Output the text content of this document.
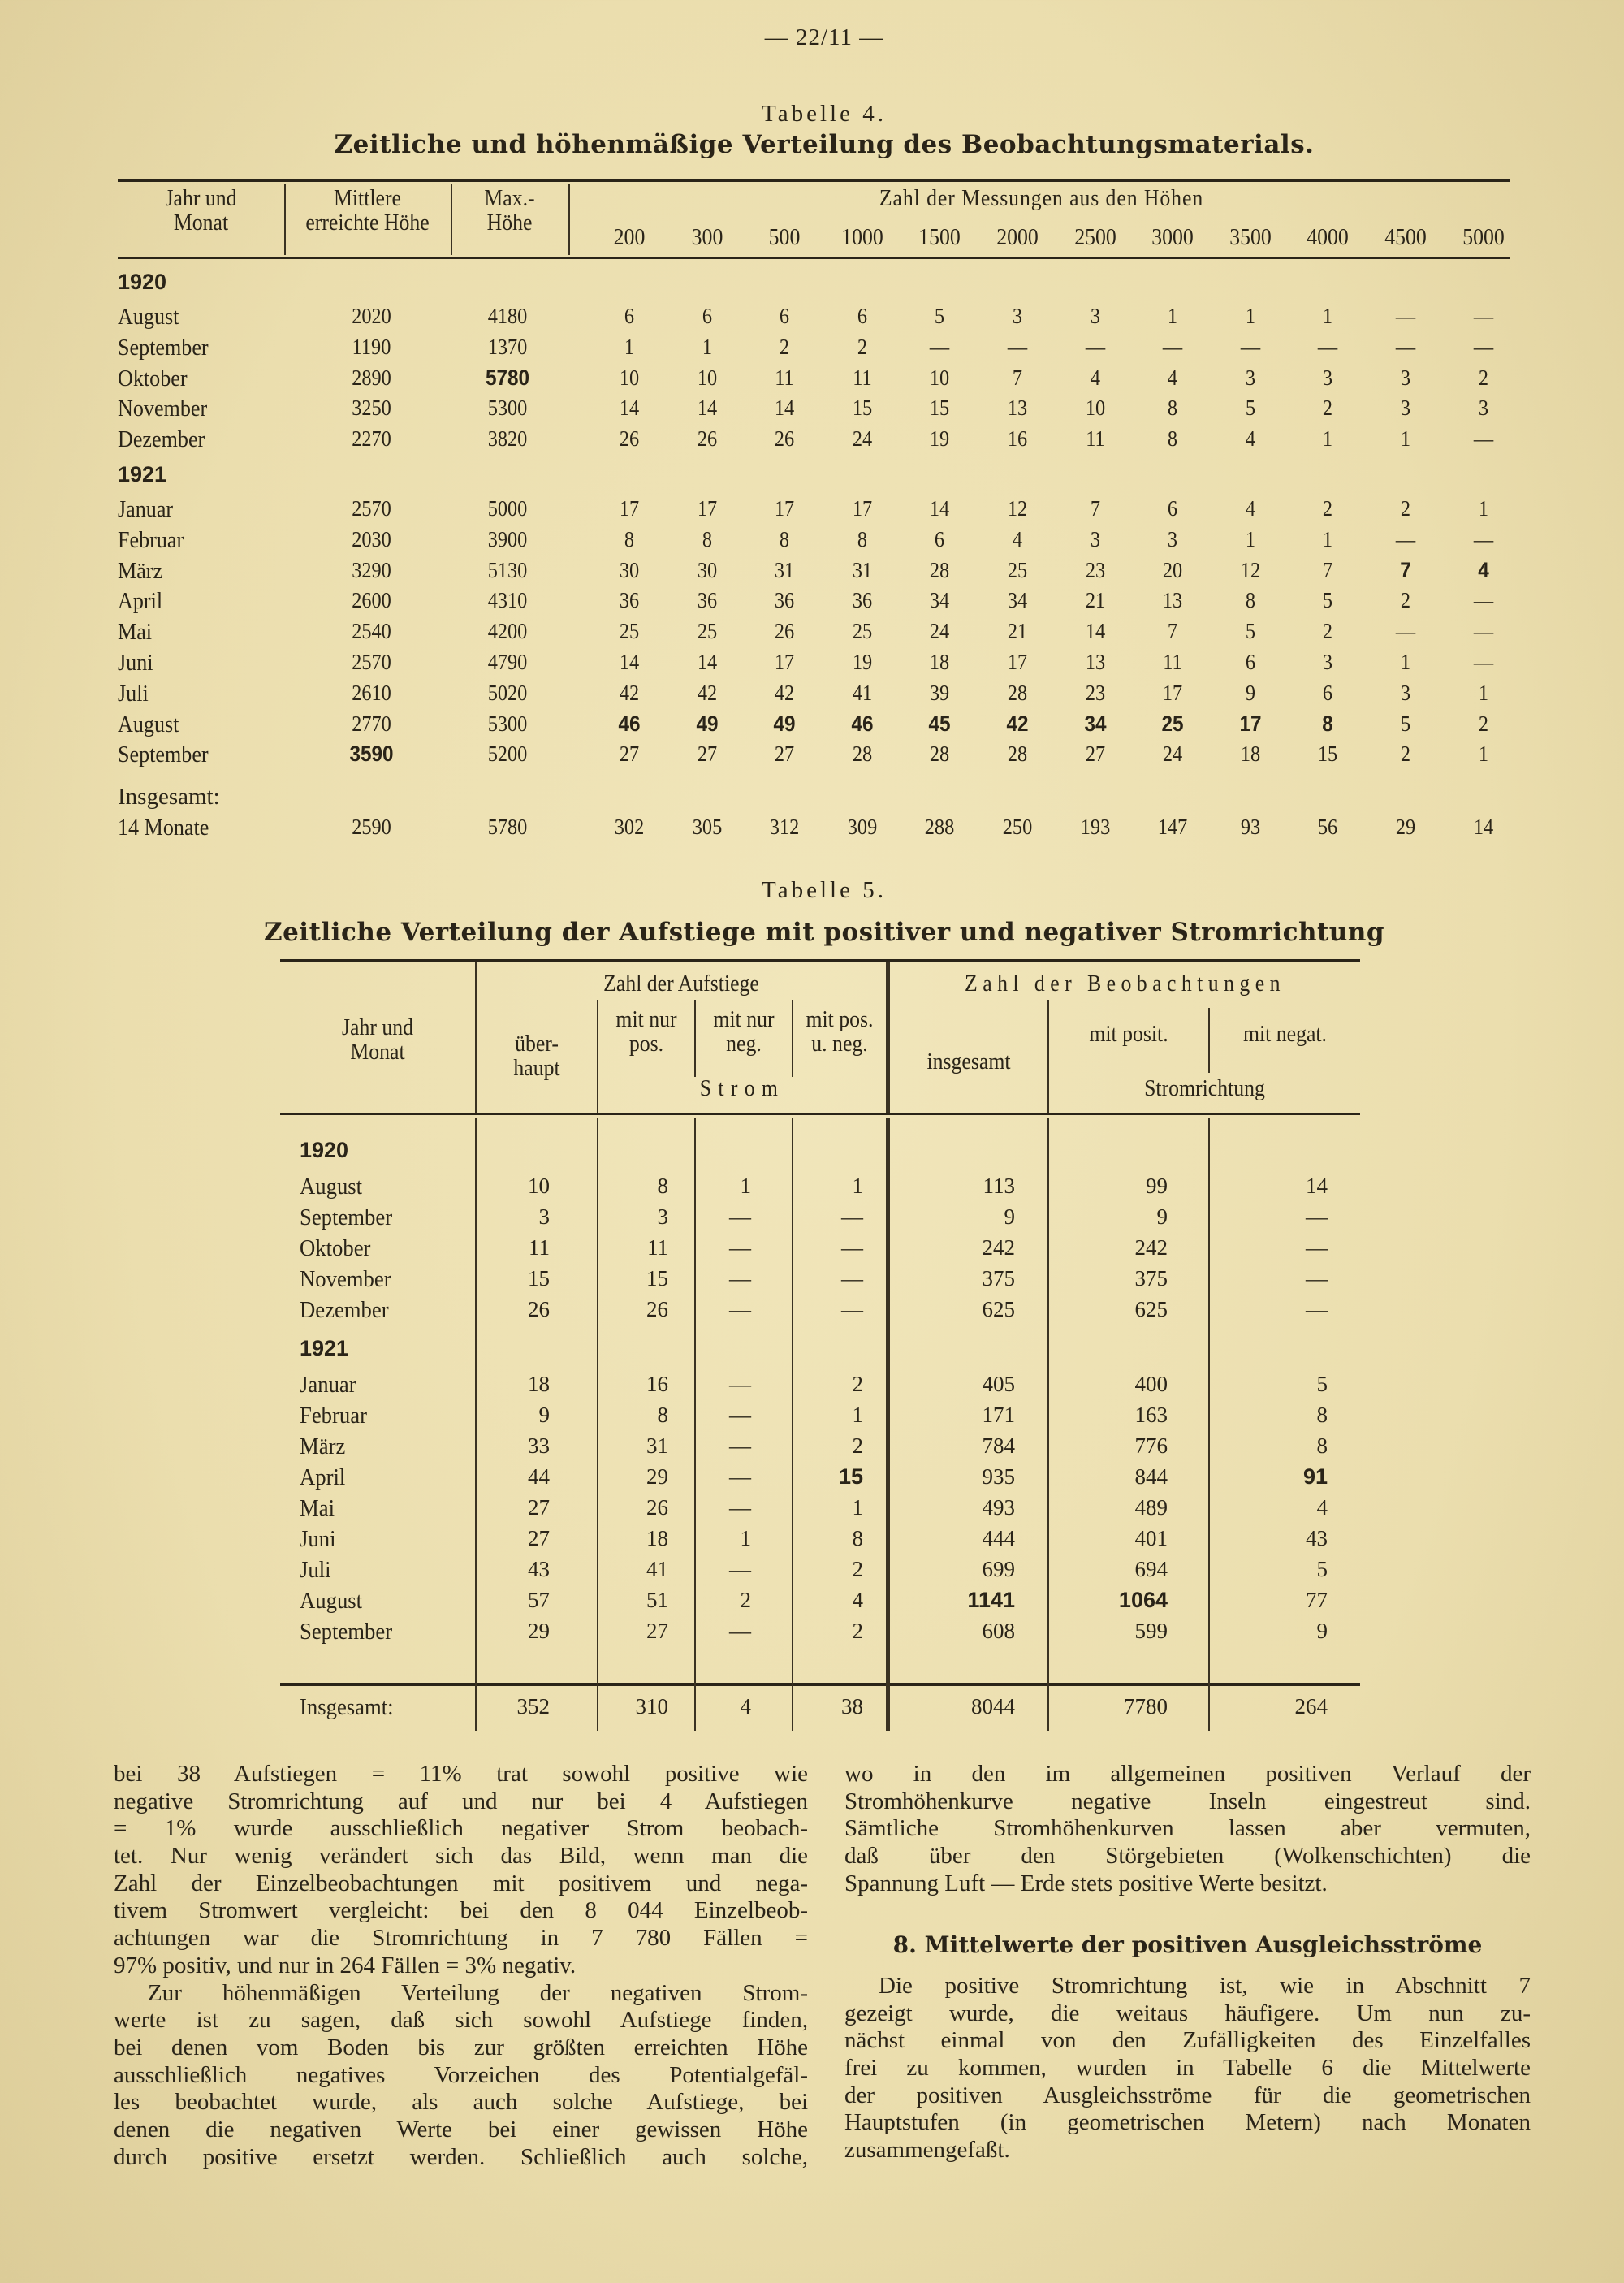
— 22/11 —
Tabelle 4.
Zeitliche und höhenmäßige Verteilung des Beobachtungsmaterials.
Jahr und
Monat
Mittlere
erreichte Höhe
Max.-
Höhe
Zahl der Messungen aus den Höhen
200	300	500	1000	1500	2000	2500	3000	3500	4000	4500	5000
1920
August	2020	4180	6	6	6	6	5	3	3	1	1	1	—	—
September	1190	1370	1	1	2	2	—	—	—	—	—	—	—	—
Oktober	2890	5780	10	10	11	11	10	7	4	4	3	3	3	2
November	3250	5300	14	14	14	15	15	13	10	8	5	2	3	3
Dezember	2270	3820	26	26	26	24	19	16	11	8	4	1	1	—
1921
Januar	2570	5000	17	17	17	17	14	12	7	6	4	2	2	1
Februar	2030	3900	8	8	8	8	6	4	3	3	1	1	—	—
März	3290	5130	30	30	31	31	28	25	23	20	12	7	7	4
April	2600	4310	36	36	36	36	34	34	21	13	8	5	2	—
Mai	2540	4200	25	25	26	25	24	21	14	7	5	2	—	—
Juni	2570	4790	14	14	17	19	18	17	13	11	6	3	1	—
Juli	2610	5020	42	42	42	41	39	28	23	17	9	6	3	1
August	2770	5300	46	49	49	46	45	42	34	25	17	8	5	2
September	3590	5200	27	27	27	28	28	28	27	24	18	15	2	1
Insgesamt:
14 Monate	2590	5780	302	305	312	309	288	250	193	147	93	56	29	14
Tabelle 5.
Zeitliche Verteilung der Aufstiege mit positiver und negativer Stromrichtung
Jahr und
Monat
Zahl der Aufstiege
über-
haupt
mit nur
pos.
mit nur
neg.
mit pos.
u. neg.
Strom
Zahl der Beobachtungen
insgesamt
mit posit.	mit negat.
Stromrichtung
1920
August	10	8	1	1	113	99	14
September	3	3	—	—	9	9	—
Oktober	11	11	—	—	242	242	—
November	15	15	—	—	375	375	—
Dezember	26	26	—	—	625	625	—
1921
Januar	18	16	—	2	405	400	5
Februar	9	8	—	1	171	163	8
März	33	31	—	2	784	776	8
April	44	29	—	15	935	844	91
Mai	27	26	—	1	493	489	4
Juni	27	18	1	8	444	401	43
Juli	43	41	—	2	699	694	5
August	57	51	2	4	1141	1064	77
September	29	27	—	2	608	599	9
Insgesamt:	352	310	4	38	8044	7780	264
bei 38 Aufstiegen = 11% trat sowohl positive wie
negative Stromrichtung auf und nur bei 4 Aufstiegen
= 1% wurde ausschließlich negativer Strom beobach-
tet. Nur wenig verändert sich das Bild, wenn man die
Zahl der Einzelbeobachtungen mit positivem und nega-
tivem Stromwert vergleicht: bei den 8 044 Einzelbeob-
achtungen war die Stromrichtung in 7 780 Fällen =
97% positiv, und nur in 264 Fällen = 3% negativ.
Zur höhenmäßigen Verteilung der negativen Strom-
werte ist zu sagen, daß sich sowohl Aufstiege finden,
bei denen vom Boden bis zur größten erreichten Höhe
ausschließlich negatives Vorzeichen des Potentialgefäl-
les beobachtet wurde, als auch solche Aufstiege, bei
denen die negativen Werte bei einer gewissen Höhe
durch positive ersetzt werden. Schließlich auch solche,
wo in den im allgemeinen positiven Verlauf der
Stromhöhenkurve negative Inseln eingestreut sind.
Sämtliche Stromhöhenkurven lassen aber vermuten,
daß über den Störgebieten (Wolkenschichten) die
Spannung Luft — Erde stets positive Werte besitzt.
8. Mittelwerte der positiven Ausgleichsströme
Die positive Stromrichtung ist, wie in Abschnitt 7
gezeigt wurde, die weitaus häufigere. Um nun zu-
nächst einmal von den Zufälligkeiten des Einzelfalles
frei zu kommen, wurden in Tabelle 6 die Mittelwerte
der positiven Ausgleichsströme für die geometrischen
Hauptstufen (in geometrischen Metern) nach Monaten
zusammengefaßt.
